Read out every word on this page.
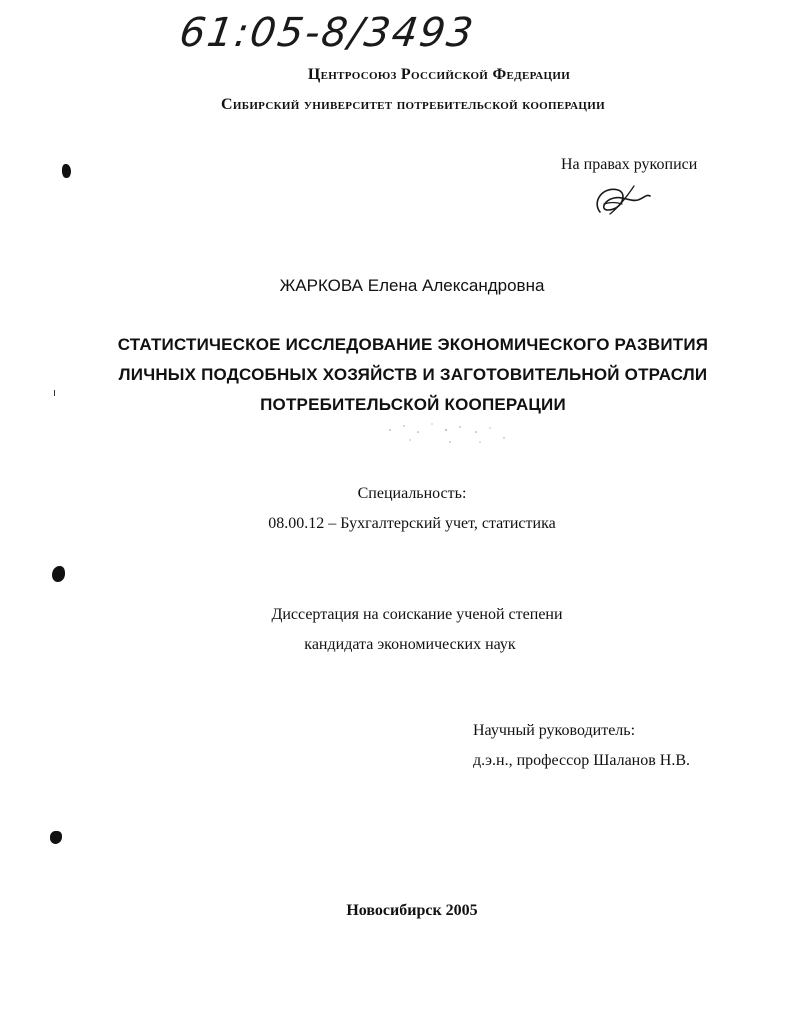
61:05-8/3493
Центросоюз Российской Федерации
Сибирский университет потребительской кооперации
На правах рукописи
ЖАРКОВА Елена Александровна
СТАТИСТИЧЕСКОЕ ИССЛЕДОВАНИЕ ЭКОНОМИЧЕСКОГО РАЗВИТИЯ
ЛИЧНЫХ ПОДСОБНЫХ ХОЗЯЙСТВ И ЗАГОТОВИТЕЛЬНОЙ ОТРАСЛИ
ПОТРЕБИТЕЛЬСКОЙ КООПЕРАЦИИ
Специальность:
08.00.12 – Бухгалтерский учет, статистика
Диссертация на соискание ученой степени
кандидата экономических наук
Научный руководитель:
д.э.н., профессор Шаланов Н.В.
Новосибирск 2005
